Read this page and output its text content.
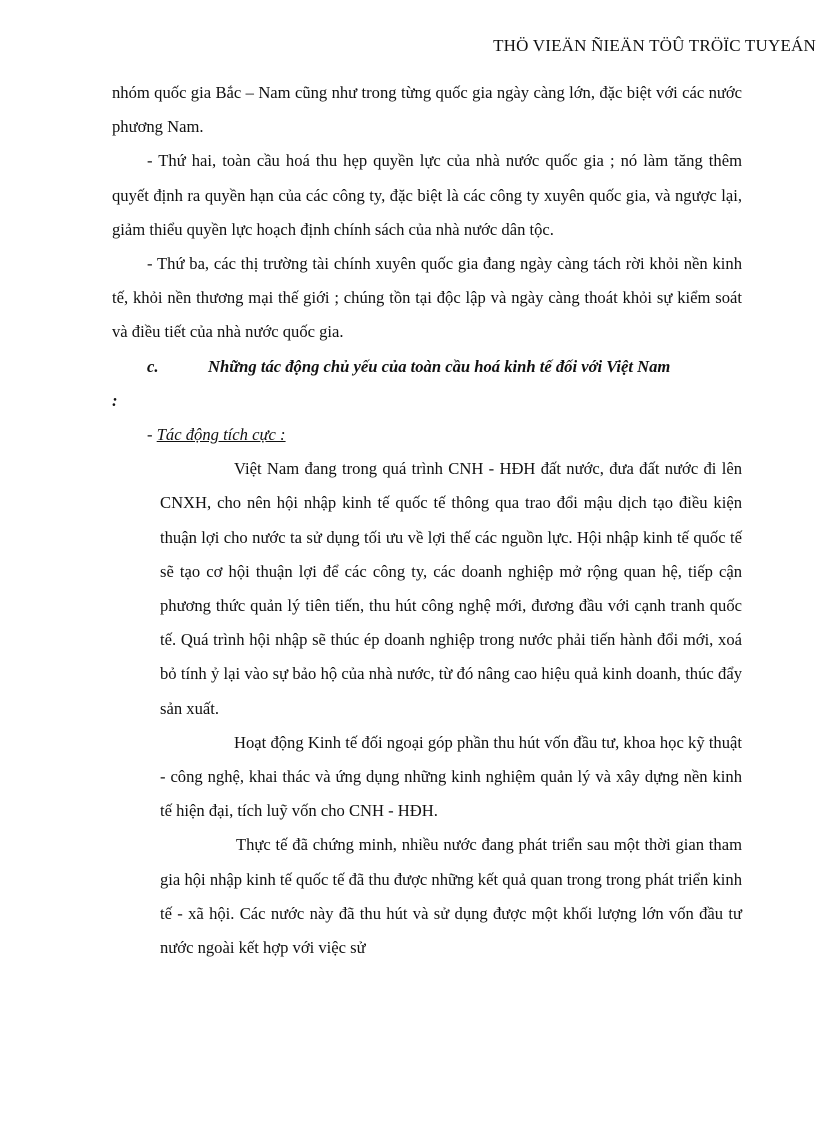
THÖ VIEÄN ÑIEÄN TÖÛ TRÖÏC TUYEÁN

nhóm quốc gia Bắc – Nam cũng như trong từng quốc gia ngày càng lớn, đặc biệt với các nước phương Nam.

- Thứ hai, toàn cầu hoá thu hẹp quyền lực của nhà nước quốc gia ; nó làm tăng thêm quyết định ra quyền hạn của các công ty, đặc biệt là các công ty xuyên quốc gia, và ngược lại, giảm thiểu quyền lực hoạch định chính sách của nhà nước dân tộc.

- Thứ ba, các thị trường tài chính xuyên quốc gia đang ngày càng tách rời khỏi nền kinh tế, khỏi nền thương mại thế giới ; chúng tồn tại độc lập và ngày càng thoát khỏi sự kiểm soát và điều tiết của nhà nước quốc gia.

c.	Những tác động chủ yếu của toàn cầu hoá kinh tế đối với Việt Nam

:

- Tác động tích cực :

Việt Nam đang trong quá trình CNH - HĐH đất nước, đưa đất nước đi lên CNXH, cho nên hội nhập kinh tế quốc tế thông qua trao đổi mậu dịch tạo điều kiện thuận lợi cho nước ta sử dụng tối ưu về lợi thế các nguồn lực. Hội nhập kinh tế quốc tế sẽ tạo cơ hội thuận lợi để các công ty, các doanh nghiệp mở rộng quan hệ, tiếp cận phương thức quản lý tiên tiến, thu hút công nghệ mới, đương đầu với cạnh tranh quốc tế. Quá trình hội nhập sẽ thúc ép doanh nghiệp trong nước phải tiến hành đổi mới, xoá bỏ tính ỷ lại vào sự bảo hộ của nhà nước, từ đó nâng cao hiệu quả kinh doanh, thúc đẩy sản xuất.

Hoạt động Kinh tế đối ngoại góp phần thu hút vốn đầu tư, khoa học kỹ thuật - công nghệ, khai thác và ứng dụng những kinh nghiệm quản lý và xây dựng nền kinh tế hiện đại, tích luỹ vốn cho CNH - HĐH.

Thực tế đã chứng minh, nhiều nước đang phát triển sau một thời gian tham gia hội nhập kinh tế quốc tế đã thu được những kết quả quan trong trong phát triển kinh tế - xã hội. Các nước này đã thu hút và sử dụng được một khối lượng lớn vốn đầu tư nước ngoài kết hợp với việc sử
